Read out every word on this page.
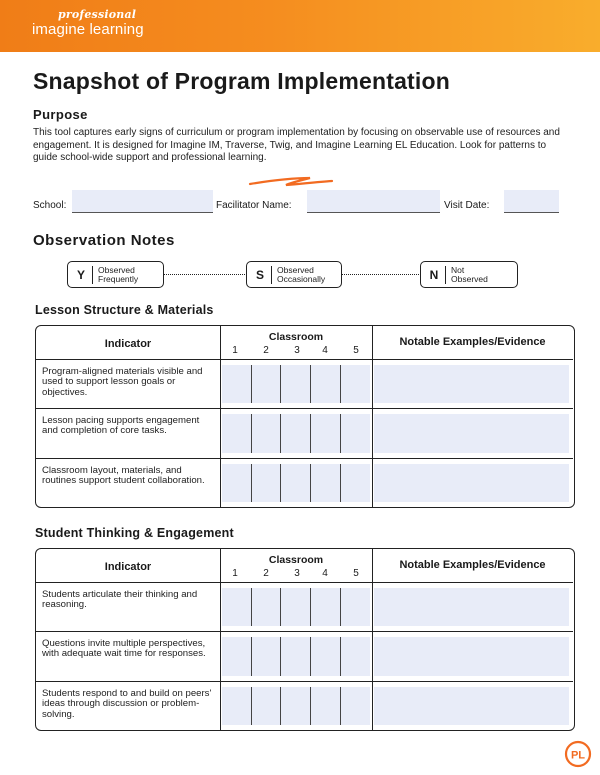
professional
imagine learning
Snapshot of Program Implementation
Purpose
This tool captures early signs of curriculum or program implementation by focusing on observable use of resources and engagement. It is designed for Imagine IM, Traverse, Twig, and Imagine Learning EL Education. Look for patterns to guide school-wide support and professional learning.
School:	Facilitator Name:	Visit Date:
Observation Notes
Y	Observed
Frequently	S	Observed
Occasionally	N	Not
Observed
Lesson Structure & Materials
Indicator
Classroom
1	2	3	4	5
Notable Examples/Evidence
Program-aligned materials visible and used to support lesson goals or objectives.
Lesson pacing supports engagement and completion of core tasks.
Classroom layout, materials, and routines support student collaboration.
Student Thinking & Engagement
Indicator
Classroom
1	2	3	4	5
Notable Examples/Evidence
Students articulate their thinking and reasoning.
Questions invite multiple perspectives, with adequate wait time for responses.
Students respond to and build on peers' ideas through discussion or problem-solving.
PL
